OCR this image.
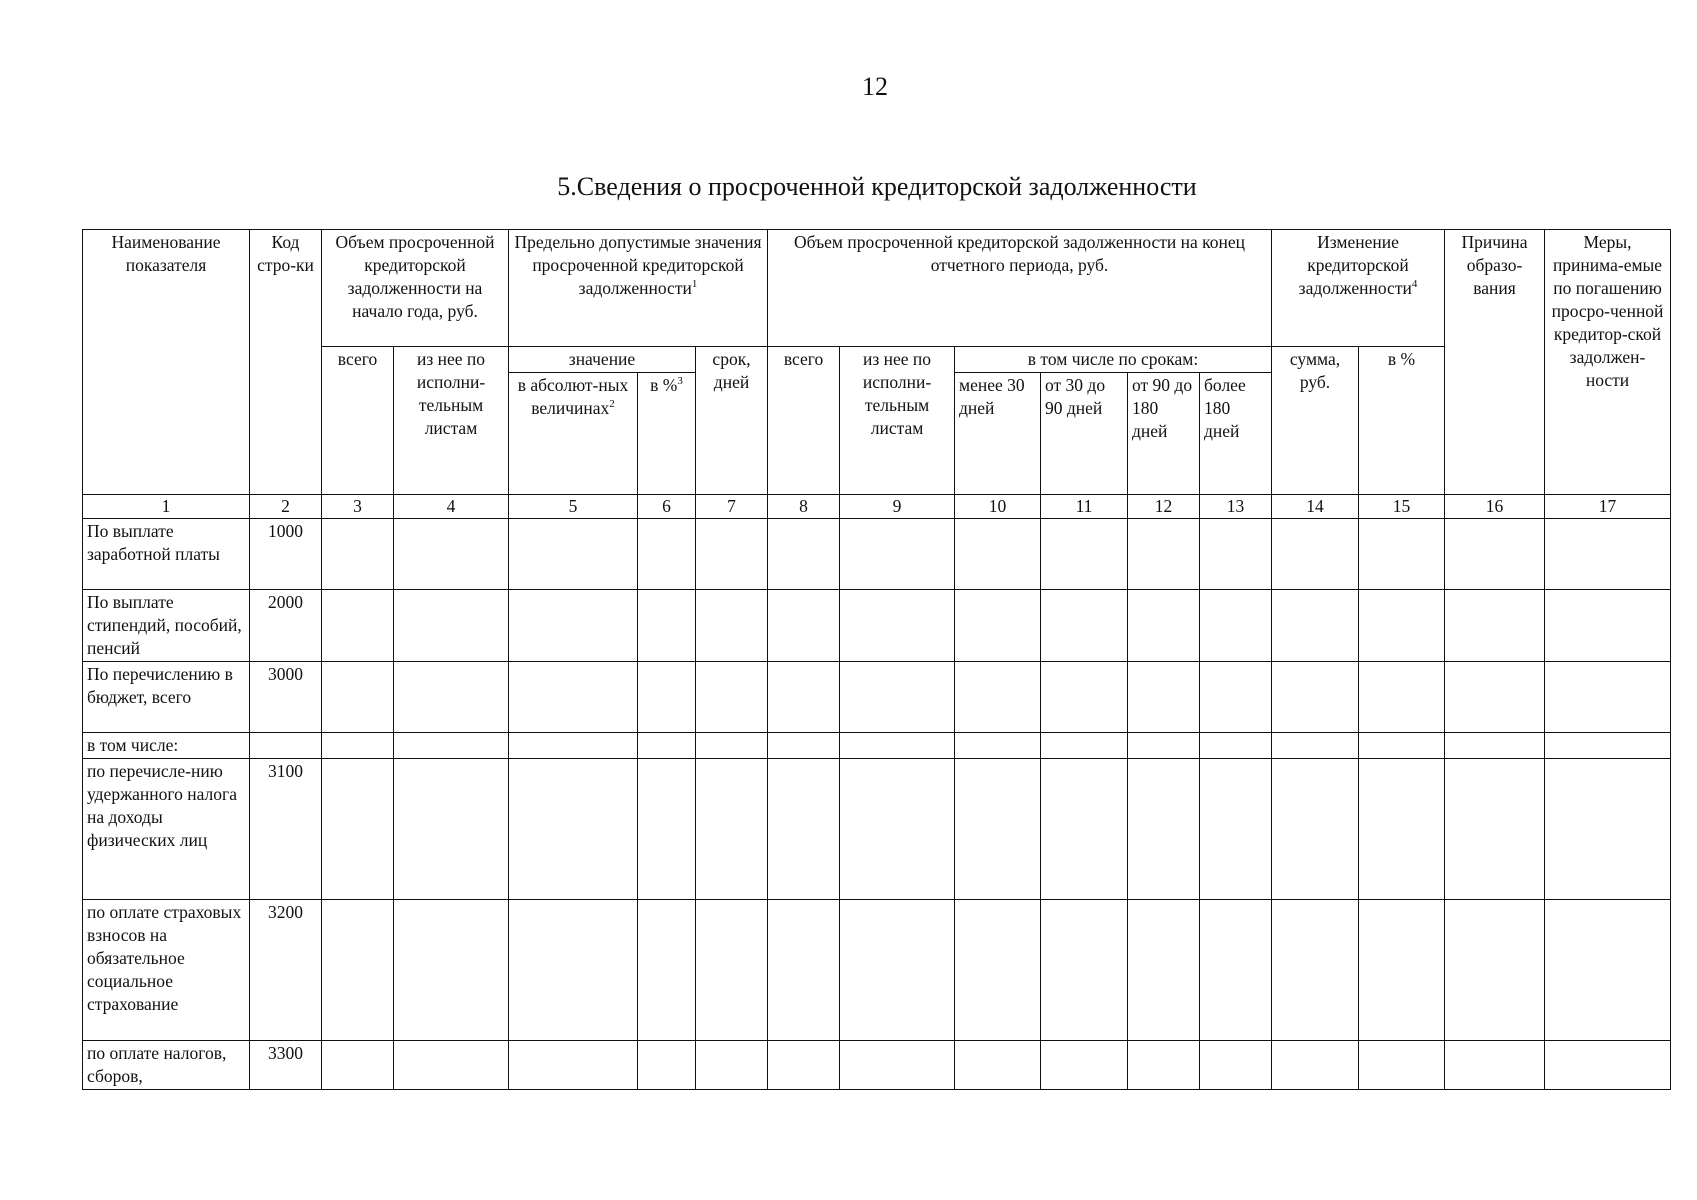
12
5.Сведения о просроченной кредиторской задолженности
Наименование показателя	Код стро-ки	Объем просроченной кредиторской задолженности на начало года, руб.		Предельно допустимые значения просроченной кредиторской задолженности$^1$			Объем просроченной кредиторской задолженности на конец отчетного периода, руб.						Изменение кредиторской задолженности$^4$		Причина образо-вания	Меры, принима-емые по погашению просро-ченной кредитор-ской задолжен-ности
		всего	из нее по исполни-тельным листам	значение		срок, дней	всего	из нее по исполни-тельным листам	в том числе по срокам:				сумма, руб.	в %		
				в абсолют-ных величинах$^2$	в %$^3$				менее 30 дней	от 30 до 90 дней	от 90 до 180 дней	более 180 дней				
1	2	3	4	5	6	7	8	9	10	11	12	13	14	15	16	17
По выплате заработной платы	1000															
По выплате стипендий, пособий, пенсий	2000															
По перечислению в бюджет, всего	3000															
в том числе:																
по перечисле-нию удержанного налога на доходы физических лиц	3100															
по оплате страховых взносов на обязательное социальное страхование	3200															
по оплате налогов, сборов,	3300															
